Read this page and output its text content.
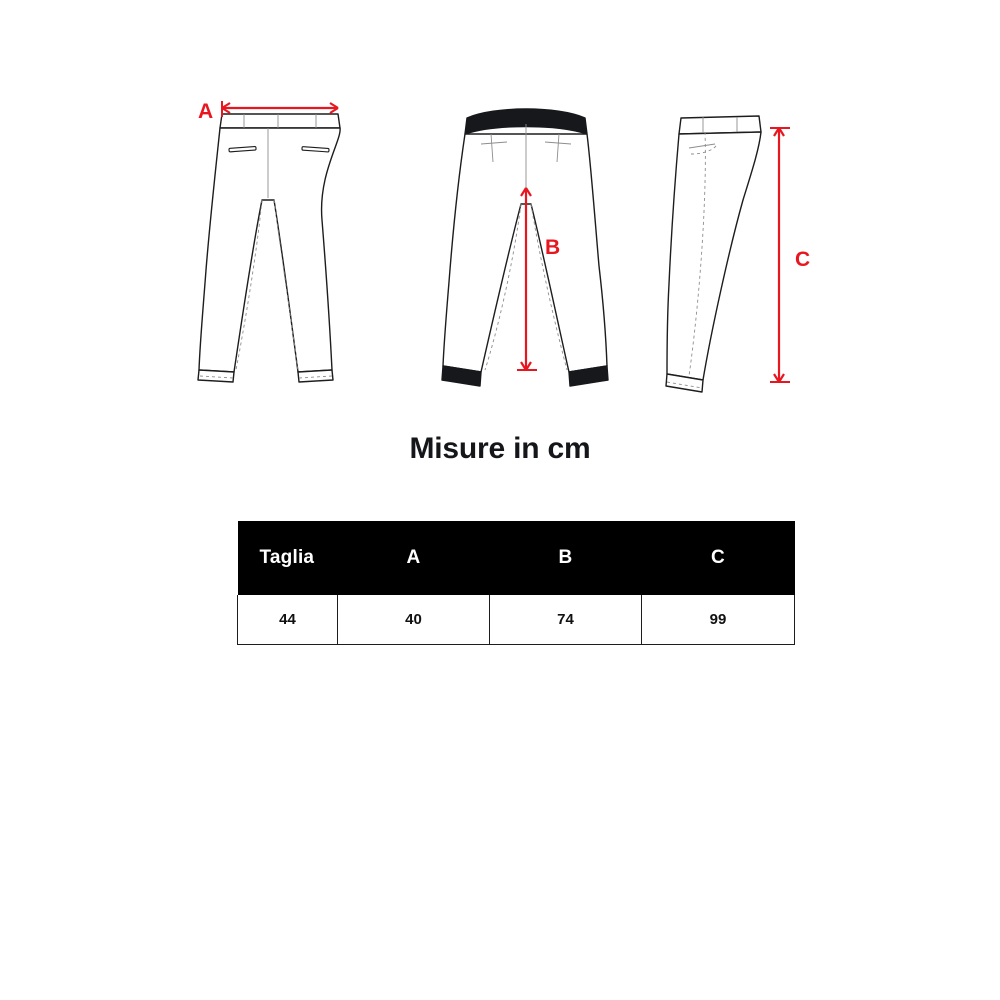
A
B
C
Misure in cm
Taglia	A	B	C
44	40	74	99
